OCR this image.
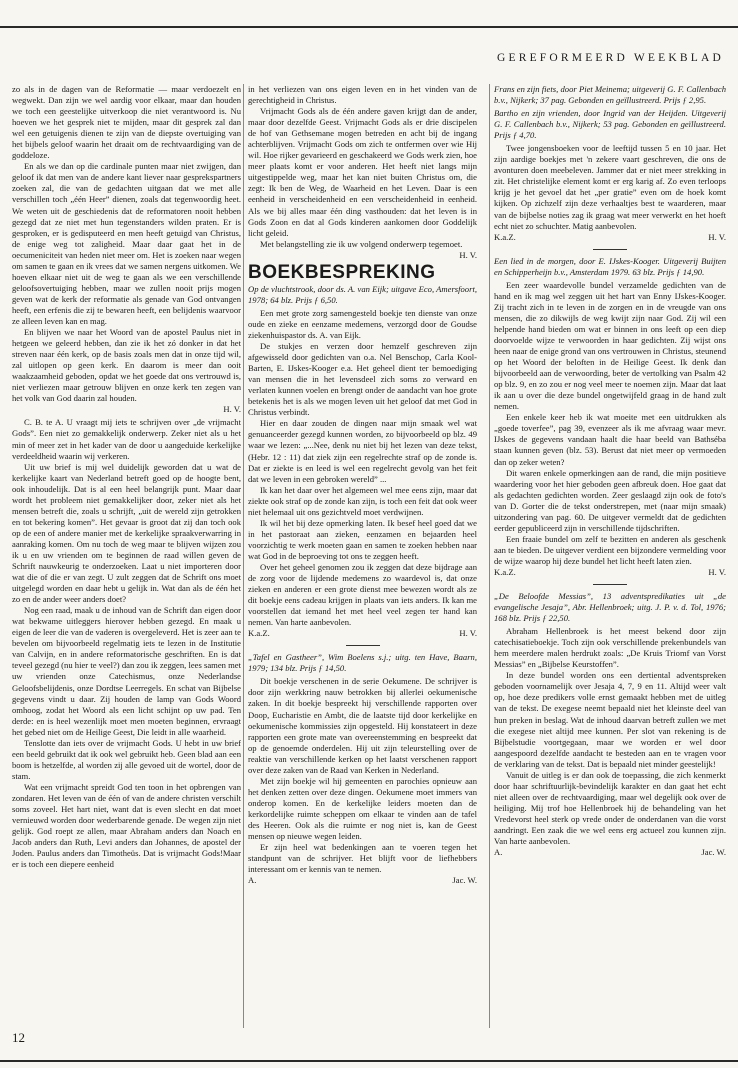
GEREFORMEERD WEEKBLAD

zo als in de dagen van de Reformatie — maar verdoezelt en wegwekt. Dan zijn we wel aardig voor elkaar, maar dan houden we toch een geestelijke uitverkoop die niet verantwoord is. Nu hoeven we het gesprek niet te mijden, maar dit gesprek zal dan wel een getuigenis dienen te zijn van de diepste overtuiging van het bijbels geloof waarin het draait om de rechtvaardiging van de goddeloze.

En als we dan op die cardinale punten maar niet zwijgen, dan geloof ik dat men van de andere kant liever naar gesprekspartners zoeken zal, die van de gedachten uitgaan dat we met alle verschillen toch „één Heer” dienen, zoals dat tegenwoordig heet. We weten uit de geschiedenis dat de reformatoren nooit hebben gezegd dat ze niet met hun tegenstanders wilden praten. Er is gesproken, er is gedisputeerd en men heeft getuigd van Christus, de enige weg tot zaligheid. Maar daar gaat het in de oecumeniciteit van heden niet meer om. Het is zoeken naar wegen om samen te gaan en ik vrees dat we samen nergens uitkomen. We hoeven elkaar niet uit de weg te gaan als we een verschillende geloofsovertuiging hebben, maar we zullen nooit prijs mogen geven wat de kerk der reformatie als genade van God ontvangen heeft, een erfenis die zij te bewaren heeft, een belijdenis waarvoor ze alleen leven kan en mag.

En blijven we naar het Woord van de apostel Paulus niet in hetgeen we geleerd hebben, dan zie ik het zó donker in dat het streven naar één kerk, op de basis zoals men dat in onze tijd wil, zal uitlopen op geen kerk. En daarom is meer dan ooit waakzaamheid geboden, opdat we het goede dat ons vertrouwd is, niet verliezen maar getrouw blijven en onze kerk ten zegen van het volk van God daarin zal houden.

H. V.

C. B. te A. U vraagt mij iets te schrijven over „de vrijmacht Gods”. Een niet zo gemakkelijk onderwerp. Zeker niet als u het min of meer zet in het kader van de door u aangeduide kerkelijke verdeeldheid waarin wij verkeren.

Uit uw brief is mij wel duidelijk geworden dat u wat de kerkelijke kaart van Nederland betreft goed op de hoogte bent, ook inhoudelijk. Dat is al een heel belangrijk punt. Maar daar wordt het probleem niet gemakkelijker door, zeker niet als het mensen betreft die, zoals u schrijft, „uit de wereld zijn getrokken en tot bekering komen”. Het gevaar is groot dat zij dan toch ook op de een of andere manier met de kerkelijke spraakverwarring in aanraking komen. Om nu toch de weg maar te blijven wijzen zou ik u en uw vrienden om te beginnen de raad willen geven de Schrift nauwkeurig te onderzoeken. Laat u niet importeren door wat die of die er van zegt. U zult zeggen dat de Schrift ons moet uitgelegd worden en daar hebt u gelijk in. Wat dan als de één het zo en de ander weer anders doet?

Nog een raad, maak u de inhoud van de Schrift dan eigen door wat bekwame uitleggers hierover hebben gezegd. En maak u eigen de leer die van de vaderen is overgeleverd. Het is zeer aan te bevelen om bijvoorbeeld regelmatig iets te lezen in de Institutie van Calvijn, en in andere reformatorische geschriften. En is dat teveel gezegd (nu hier te veel?) dan zou ik zeggen, lees samen met uw vrienden onze Catechismus, onze Nederlandse Geloofsbelijdenis, onze Dordtse Leerregels. En schat van Bijbelse gegevens vindt u daar. Zij houden de lamp van Gods Woord omhoog, zodat het Woord als een licht schijnt op uw pad. Ten derde: en is heel wezenlijk moet men moeten beginnen, ervraagt het gebed niet om de Heilige Geest, Die leidt in alle waarheid.

Tenslotte dan iets over de vrijmacht Gods. U hebt in uw brief een beeld gebruikt dat ik ook wel gebruikt heb. Geen blad aan een boom is hetzelfde, al worden zij alle gevoed uit de wortel, door de stam.

Wat een vrijmacht spreidt God ten toon in het opbrengen van zondaren. Het leven van de één of van de andere christen verschilt soms zoveel. Het hart niet, want dat is even slecht en dat moet vernieuwd worden door wederbarende genade. De wegen zijn niet gelijk. God roept ze allen, maar Abraham anders dan Noach en Jacob anders dan Ruth, Levi anders dan Johannes, de apostel der Joden. Paulus anders dan Timotheüs. Dat is vrijmacht Gods!Maar er is toch een diepere eenheid

in het verliezen van ons eigen leven en in het vinden van de gerechtigheid in Christus.

Vrijmacht Gods als de één andere gaven krijgt dan de ander, maar door dezelfde Geest. Vrijmacht Gods als er drie discipelen de hof van Gethsemane mogen betreden en acht bij de ingang achterblijven. Vrijmacht Gods om zich te ontfermen over wie Hij wil. Hoe rijker gevarieerd en geschakeerd we Gods werk zien, hoe meer plaats komt er voor anderen. Het heeft niet langs mijn uitgestippelde weg, maar het kan niet buiten Christus om, die zegt: Ik ben de Weg, de Waarheid en het Leven. Daar is een eenheid in verscheidenheid en een verscheidenheid in eenheid. Als we bij alles maar één ding vasthouden: dat het leven is in Gods Zoon en dat al Gods kinderen aankomen door Goddelijk licht geleid.

Met belangstelling zie ik uw volgend onderwerp tegemoet.

H. V.
BOEKBESPREKING

Op de vluchtstrook, door ds. A. van Eijk; uitgave Eco, Amersfoort, 1978; 64 blz. Prijs ƒ 6,50.

Een met grote zorg samengesteld boekje ten dienste van onze oude en zieke en eenzame medemens, verzorgd door de Goudse ziekenhuispastor ds. A. van Eijk.

De stukjes en verzen door hemzelf geschreven zijn afgewisseld door gedichten van o.a. Nel Benschop, Carla Kool-Barten, E. IJskes-Kooger e.a. Het geheel dient ter bemoediging van mensen die in het levensdeel zich soms zo verward en verlaten kunnen voelen en brengt onder de aandacht van hoe grote betekenis het is als we mogen leven uit het geloof dat met God in Christus verbindt.

Hier en daar zouden de dingen naar mijn smaak wel wat genuanceerder gezegd kunnen worden, zo bijvoorbeeld op blz. 49 waar we lezen: „...Nee, denk nu niet bij het lezen van deze tekst, (Hebr. 12 : 11) dat ziek zijn een regelrechte straf op de zonde is. Dat er ziekte is en leed is wel een regelrecht gevolg van het feit dat we leven in een gebroken wereld” ...

Ik kan het daar over het algemeen wel mee eens zijn, maar dat ziekte ook straf op de zonde kan zijn, is toch een feit dat ook weer niet helemaal uit ons gezichtveld moet verdwijnen.

Ik wil het bij deze opmerking laten. Ik besef heel goed dat we in het pastoraat aan zieken, eenzamen en bejaarden heel voorzichtig te werk moeten gaan en samen te zoeken hebben naar wat God in de beproeving tot ons te zeggen heeft.

Over het geheel genomen zou ik zeggen dat deze bijdrage aan de zorg voor de lijdende medemens zo waardevol is, dat onze zieken en anderen er een grote dienst mee bewezen wordt als ze dit boekje eens cadeau krijgen in plaats van iets anders. Ik kan me voorstellen dat iemand het met heel veel zegen ter hand kan nemen. Van harte aanbevolen.

K.a.Z.	H. V.

„Tafel en Gastheer”, Wim Boelens s.j.; uitg. ten Have, Baarn, 1979; 134 blz. Prijs ƒ 14,50.

Dit boekje verschenen in de serie Oekumene. De schrijver is door zijn werkkring nauw betrokken bij allerlei oekumenische zaken. In dit boekje bespreekt hij verschillende rapporten over Doop, Eucharistie en Ambt, die de laatste tijd door kerkelijke en oekumenische kommissies zijn opgesteld. Hij konstateert in deze rapporten een grote mate van overeenstemming en bespreekt dat op de genoemde onderdelen. Hij uit zijn teleurstelling over de reaktie van verschillende kerken op het laatst verschenen rapport over deze zaken van de Raad van Kerken in Nederland.

Met zijn boekje wil hij gemeenten en parochies opnieuw aan het denken zetten over deze dingen. Oekumene moet immers van onderop komen. En de kerkelijke leiders moeten dan de kerkordelijke ruimte scheppen om elkaar te vinden aan de tafel des Heeren. Ook als die ruimte er nog niet is, kan de Geest mensen op nieuwe wegen leiden.

Er zijn heel wat bedenkingen aan te voeren tegen het standpunt van de schrijver. Het blijft voor de liefhebbers interessant om er kennis van te nemen.

A.	Jac. W.

Frans en zijn fiets, door Piet Meinema; uitgeverij G. F. Callenbach b.v., Nijkerk; 37 pag. Gebonden en geïllustreerd. Prijs ƒ 2,95.

Bartho en zijn vrienden, door Ingrid van der Heijden. Uitgeverij G. F. Callenbach b.v., Nijkerk; 53 pag. Gebonden en geïllustreerd. Prijs ƒ 4,70.

Twee jongensboeken voor de leeftijd tussen 5 en 10 jaar. Het zijn aardige boekjes met 'n zekere vaart geschreven, die ons de avonturen doen meebeleven. Jammer dat er niet meer strekking in zit. Het christelijke element komt er erg karig af. Zo even terloops krijg je het gevoel dat het „per gratie” even om de hoek komt kijken. Op zichzelf zijn deze verhaaltjes best te waarderen, maar van de bijbelse noties zag ik graag wat meer verwerkt en het hoeft echt niet zo schuchter. Matig aanbevolen.

K.a.Z.	H. V.

Een lied in de morgen, door E. IJskes-Kooger. Uitgeverij Buijten en Schipperheijn b.v., Amsterdam 1979. 63 blz. Prijs ƒ 14,90.

Een zeer waardevolle bundel verzamelde gedichten van de hand en ik mag wel zeggen uit het hart van Enny IJskes-Kooger. Zij tracht zich in te leven in de zorgen en in de vreugde van ons mensen, die zo dikwijls de weg kwijt zijn naar God. Zij wil een helpende hand bieden om wat er binnen in ons leeft op een diep doorvoelde wijze te verwoorden in haar gedichten. Zij wijst ons heen naar de enige grond van ons vertrouwen in Christus, steunend op het Woord der beloften in de Heilige Geest. Ik denk dan bijvoorbeeld aan de verwoording, beter de vertolking van Psalm 42 op blz. 9, en zo zou er nog veel meer te noemen zijn. Maar dat laat ik aan u over die deze bundel ongetwijfeld graag in de hand zult nemen.

Een enkele keer heb ik wat moeite met een uitdrukken als „goede toverfee”, pag 39, evenzeer als ik me afvraag waar mevr. IJskes de gegevens vandaan haalt die haar beeld van Bathséba staan kunnen geven (blz. 53). Berust dat niet meer op vermoeden dan op zeker weten?

Dit waren enkele opmerkingen aan de rand, die mijn positieve waardering voor het hier geboden geen afbreuk doen. Hoe gaat dat als gedachten gedichten worden. Zeer geslaagd zijn ook de foto's van D. Gorter die de tekst onderstrepen, met (naar mijn smaak) uitzondering van pag. 60. De uitgever vermeldt dat de gedichten eerder gepubliceerd zijn in verschillende tijdschriften.

Een fraaie bundel om zelf te bezitten en anderen als geschenk aan te bieden. De uitgever verdient een bijzondere vermelding voor de wijze waarop hij deze bundel het licht heeft laten zien.

K.a.Z.	H. V.

„De Beloofde Messias”, 13 adventspredikaties uit „de evangelische Jesaja”, Abr. Hellenbroek; uitg. J. P. v. d. Tol, 1976; 168 blz. Prijs ƒ 22,50.

Abraham Hellenbroek is het meest bekend door zijn catechisatieboekje. Toch zijn ook verschillende prekenbundels van hem meerdere malen herdrukt zoals: „De Kruis Triomf van Vorst Messias” en „Bijbelse Keurstoffen”.

In deze bundel worden ons een dertiental adventspreken geboden voornamelijk over Jesaja 4, 7, 9 en 11. Altijd weer valt op, hoe deze predikers volle ernst gemaakt hebben met de uitleg van de tekst. De exegese neemt bepaald niet het kleinste deel van hun preken in beslag. Wat de inhoud daarvan betreft zullen we met die exegese niet altijd mee kunnen. Per slot van rekening is de Bijbelstudie voortgegaan, maar we worden er wel door aangespoord dezelfde aandacht te besteden aan en te vragen voor de verklaring van de tekst. Dat is bepaald niet minder geestelijk!

Vanuit de uitleg is er dan ook de toepassing, die zich kenmerkt door haar schriftuurlijk-bevindelijk karakter en dan gaat het echt niet alleen over de rechtvaardiging, maar wel degelijk ook over de heiliging. Mij trof hoe Hellenbroek hij de behandeling van het Vredevorst heel sterk op vrede onder de onderdanen van die vorst aandringt. Een zaak die we wel eens erg actueel zou kunnen zijn. Van harte aanbevolen.

A.	Jac. W.
12
